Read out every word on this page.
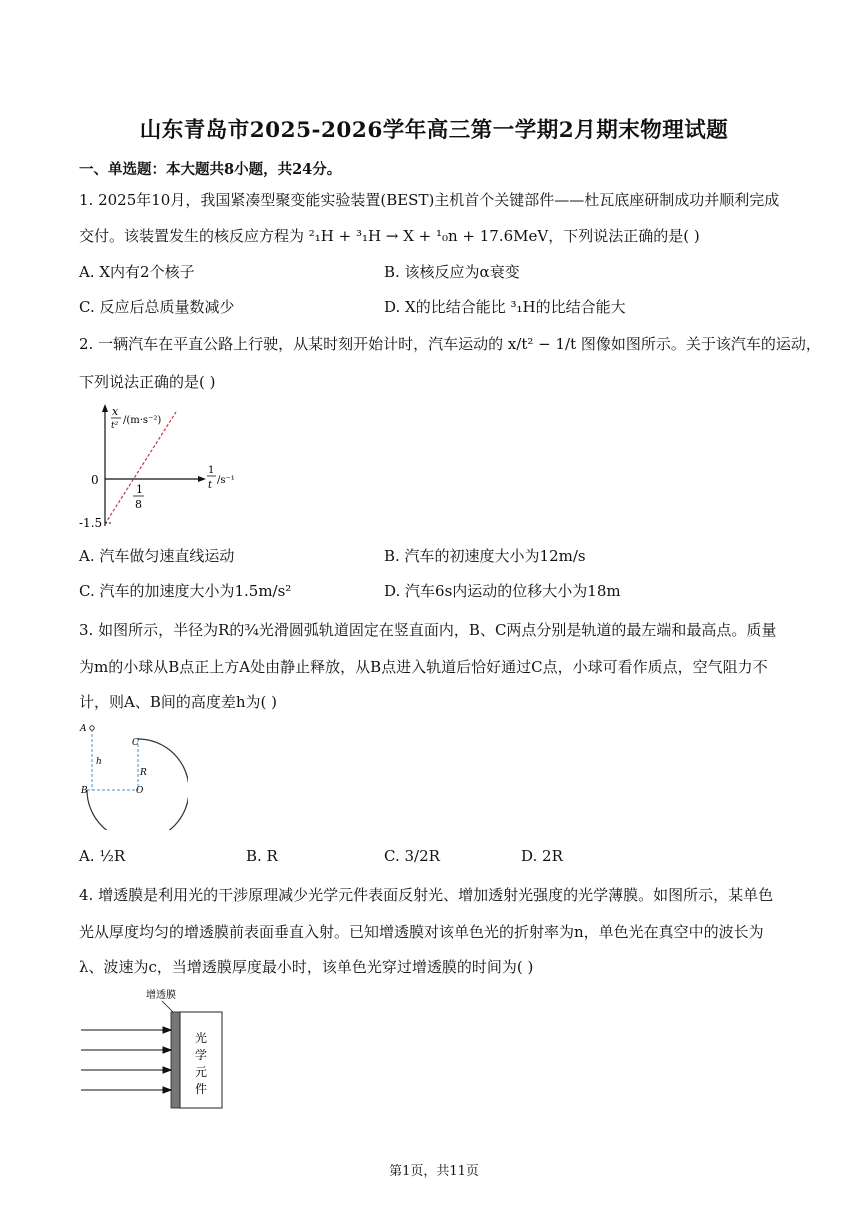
山东青岛市2025-2026学年高三第一学期2月期末物理试题
一、单选题：本大题共8小题，共24分。
1. 2025年10月，我国紧凑型聚变能实验装置(BEST)主机首个关键部件——杜瓦底座研制成功并顺利完成
交付。该装置发生的核反应方程为 ²₁H + ³₁H → X + ¹₀n + 17.6MeV，下列说法正确的是( )
A. X内有2个核子	B. 该核反应为α衰变
C. 反应后总质量数减少	D. X的比结合能比 ³₁H的比结合能大
2. 一辆汽车在平直公路上行驶，从某时刻开始计时，汽车运动的 x/t² − 1/t 图像如图所示。关于该汽车的运动，
下列说法正确的是( )
x
t² /(m·s⁻²)
1
t /s⁻¹
0
-1.5
1
8
A. 汽车做匀速直线运动	B. 汽车的初速度大小为12m/s
C. 汽车的加速度大小为1.5m/s²	D. 汽车6s内运动的位移大小为18m
3. 如图所示，半径为R的¾光滑圆弧轨道固定在竖直面内，B、C两点分别是轨道的最左端和最高点。质量
为m的小球从B点正上方A处由静止释放，从B点进入轨道后恰好通过C点，小球可看作质点，空气阻力不
计，则A、B间的高度差h为( )
A
B
C
O
h
R
A. ½R	B. R	C. 3/2R	D. 2R
4. 增透膜是利用光的干涉原理减少光学元件表面反射光、增加透射光强度的光学薄膜。如图所示，某单色
光从厚度均匀的增透膜前表面垂直入射。已知增透膜对该单色光的折射率为n，单色光在真空中的波长为
λ、波速为c，当增透膜厚度最小时，该单色光穿过增透膜的时间为( )
增透膜
光
学
元
件
第1页，共11页
